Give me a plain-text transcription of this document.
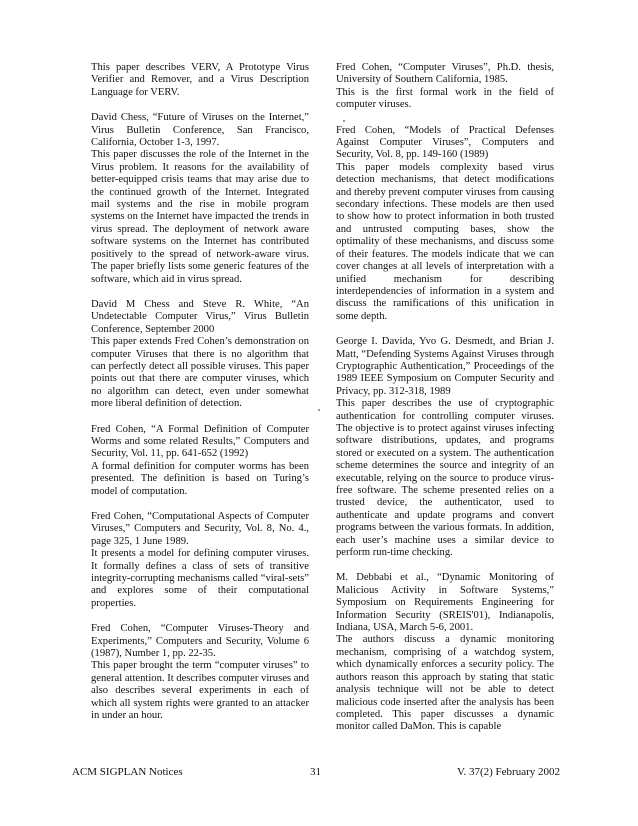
This paper describes VERV, A Prototype Virus Verifier and Remover, and a Virus Description Language for VERV.

David Chess, “Future of Viruses on the Internet,” Virus Bulletin Conference, San Francisco, California, October 1-3, 1997.

This paper discusses the role of the Internet in the Virus problem. It reasons for the availability of better-equipped crisis teams that may arise due to the continued growth of the Internet. Integrated mail systems and the rise in mobile program systems on the Internet have impacted the trends in virus spread. The deployment of network aware software systems on the Internet has contributed positively to the spread of network-aware virus. The paper briefly lists some generic features of the software, which aid in virus spread.

David M Chess and Steve R. White, “An Undetectable Computer Virus,” Virus Bulletin Conference, September 2000

This paper extends Fred Cohen’s demonstration on computer Viruses that there is no algorithm that can perfectly detect all possible viruses. This paper points out that there are computer viruses, which no algorithm can detect, even under somewhat more liberal definition of detection.

Fred Cohen, “A Formal Definition of Computer Worms and some related Results,” Computers and Security, Vol. 11, pp. 641-652 (1992)

A formal definition for computer worms has been presented. The definition is based on Turing’s model of computation.

Fred Cohen, “Computational Aspects of Computer Viruses,” Computers and Security, Vol. 8, No. 4., page 325, 1 June 1989.

It presents a model for defining computer viruses. It formally defines a class of sets of transitive integrity-corrupting mechanisms called “viral-sets” and explores some of their computational properties.

Fred Cohen, “Computer Viruses-Theory and Experiments,” Computers and Security, Volume 6 (1987), Number 1, pp. 22-35.

This paper brought the term “computer viruses” to general attention. It describes computer viruses and also describes several experiments in each of which all system rights were granted to an attacker in under an hour.

Fred Cohen, “Computer Viruses”, Ph.D. thesis, University of Southern California, 1985.

This is the first formal work in the field of computer viruses.

Fred Cohen, “Models of Practical Defenses Against Computer Viruses”, Computers and Security, Vol. 8, pp. 149-160 (1989)

This paper models complexity based virus detection mechanisms, that detect modifications and thereby prevent computer viruses from causing secondary infections. These models are then used to show how to protect information in both trusted and untrusted computing bases, show the optimality of these mechanisms, and discuss some of their features. The models indicate that we can cover changes at all levels of interpretation with a unified mechanism for describing interdependencies of information in a system and discuss the ramifications of this unification in some depth.

George I. Davida, Yvo G. Desmedt, and Brian J. Matt, “Defending Systems Against Viruses through Cryptographic Authentication,” Proceedings of the 1989 IEEE Symposium on Computer Security and Privacy, pp. 312-318, 1989

This paper describes the use of cryptographic authentication for controlling computer viruses. The objective is to protect against viruses infecting software distributions, updates, and programs stored or executed on a system. The authentication scheme determines the source and integrity of an executable, relying on the source to produce virus-free software. The scheme presented relies on a trusted device, the authenticator, used to authenticate and update programs and convert programs between the various formats. In addition, each user’s machine uses a similar device to perform run-time checking.

M. Debbabi et al., “Dynamic Monitoring of Malicious Activity in Software Systems,” Symposium on Requirements Engineering for Information Security (SREIS'01), Indianapolis, Indiana, USA, March 5-6, 2001.

The authors discuss a dynamic monitoring mechanism, comprising of a watchdog system, which dynamically enforces a security policy. The authors reason this approach by stating that static analysis technique will not be able to detect malicious code inserted after the analysis has been completed. This paper discusses a dynamic monitor called DaMon. This is capable

ACM SIGPLAN Notices	31	V. 37(2) February 2002
